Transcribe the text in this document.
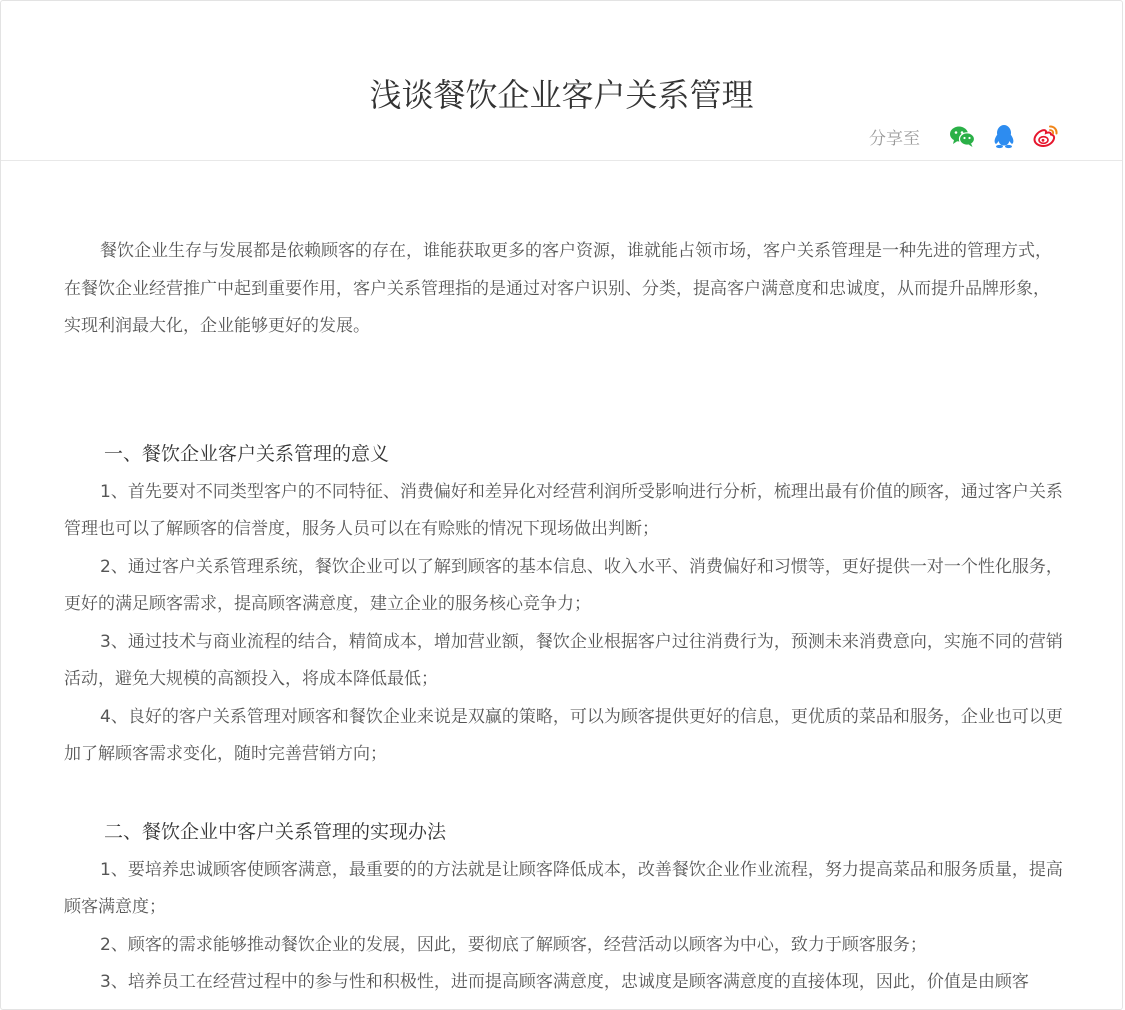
浅谈餐饮企业客户关系管理
分享至

餐饮企业生存与发展都是依赖顾客的存在，谁能获取更多的客户资源，谁就能占领市场，客户关系管理是一种先进的管理方式，在餐饮企业经营推广中起到重要作用，客户关系管理指的是通过对客户识别、分类，提高客户满意度和忠诚度，从而提升品牌形象，实现利润最大化，企业能够更好的发展。

一、餐饮企业客户关系管理的意义

1、首先要对不同类型客户的不同特征、消费偏好和差异化对经营利润所受影响进行分析，梳理出最有价值的顾客，通过客户关系管理也可以了解顾客的信誉度，服务人员可以在有赊账的情况下现场做出判断；

2、通过客户关系管理系统，餐饮企业可以了解到顾客的基本信息、收入水平、消费偏好和习惯等，更好提供一对一个性化服务，更好的满足顾客需求，提高顾客满意度，建立企业的服务核心竞争力；

3、通过技术与商业流程的结合，精简成本，增加营业额，餐饮企业根据客户过往消费行为，预测未来消费意向，实施不同的营销活动，避免大规模的高额投入，将成本降低最低；

4、良好的客户关系管理对顾客和餐饮企业来说是双赢的策略，可以为顾客提供更好的信息，更优质的菜品和服务，企业也可以更加了解顾客需求变化，随时完善营销方向；

二、餐饮企业中客户关系管理的实现办法

1、要培养忠诚顾客使顾客满意，最重要的的方法就是让顾客降低成本，改善餐饮企业作业流程，努力提高菜品和服务质量，提高顾客满意度；

2、顾客的需求能够推动餐饮企业的发展，因此，要彻底了解顾客，经营活动以顾客为中心，致力于顾客服务；

3、培养员工在经营过程中的参与性和积极性，进而提高顾客满意度，忠诚度是顾客满意度的直接体现，因此，价值是由顾客
